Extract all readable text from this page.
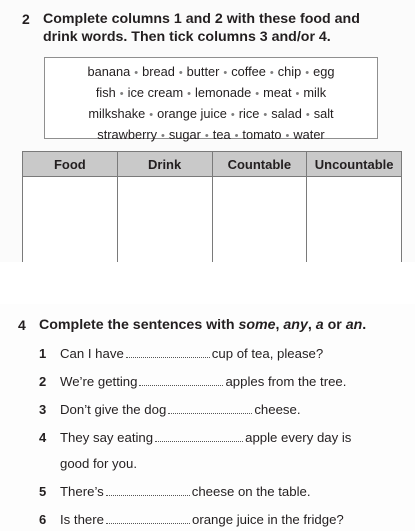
2 Complete columns 1 and 2 with these food and
drink words. Then tick columns 3 and/or 4.
banana • bread • butter • coffee • chip • egg
fish • ice cream • lemonade • meat • milk
milkshake • orange juice • rice • salad • salt
strawberry • sugar • tea • tomato • water
Food	Drink	Countable	Uncountable

4 Complete the sentences with some, any, a or an.
1 Can I have	cup of tea, please?
2 We’re getting	apples from the tree.
3 Don’t give the dog	cheese.
4 They say eating	apple every day is
good for you.
5 There’s	cheese on the table.
6 Is there	orange juice in the fridge?
